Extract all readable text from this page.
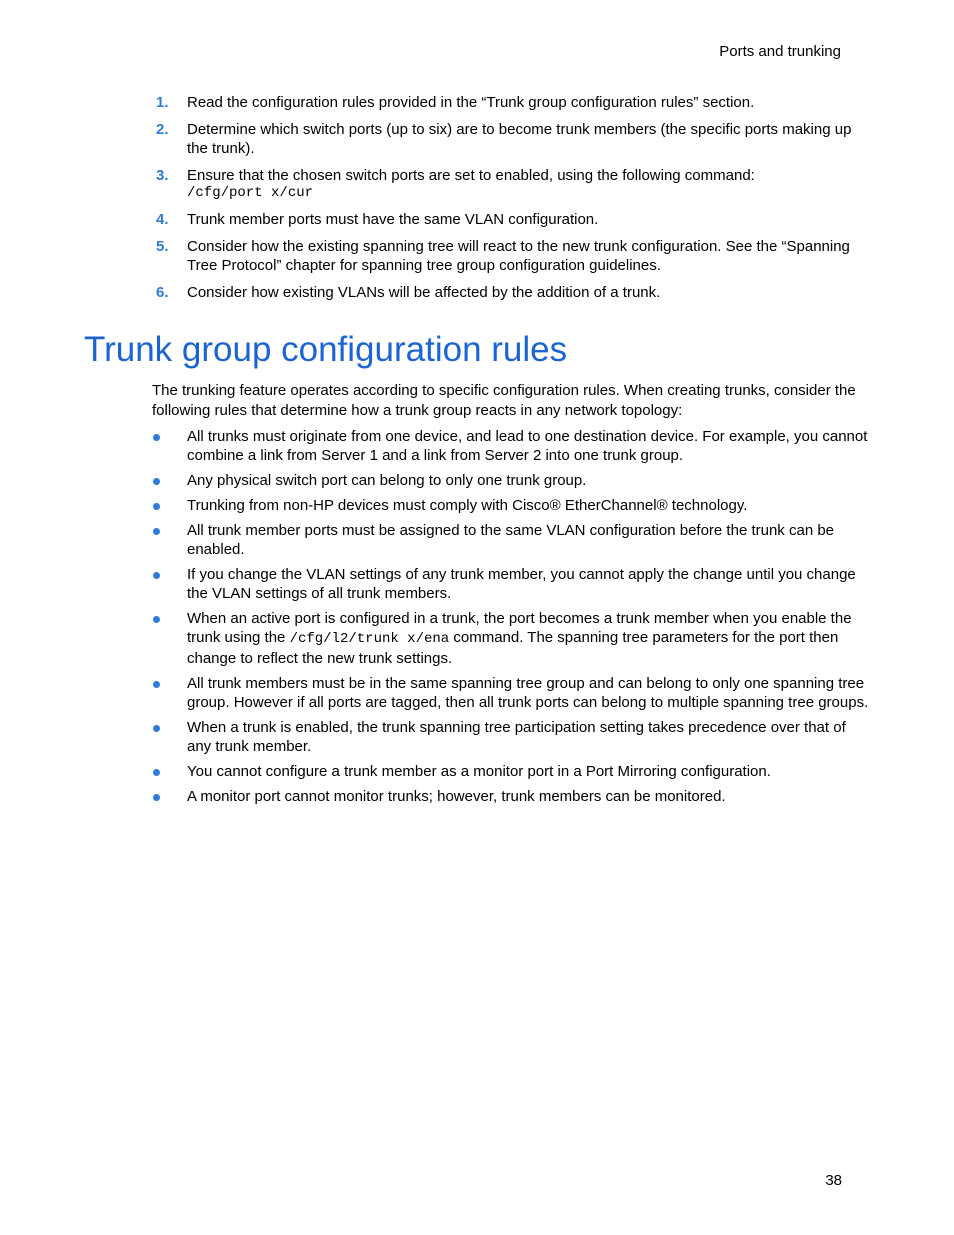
Ports and trunking
1. Read the configuration rules provided in the “Trunk group configuration rules” section.
2. Determine which switch ports (up to six) are to become trunk members (the specific ports making up the trunk).
3. Ensure that the chosen switch ports are set to enabled, using the following command:
/cfg/port x/cur
4. Trunk member ports must have the same VLAN configuration.
5. Consider how the existing spanning tree will react to the new trunk configuration. See the “Spanning Tree Protocol” chapter for spanning tree group configuration guidelines.
6. Consider how existing VLANs will be affected by the addition of a trunk.
Trunk group configuration rules

The trunking feature operates according to specific configuration rules. When creating trunks, consider the following rules that determine how a trunk group reacts in any network topology:

All trunks must originate from one device, and lead to one destination device. For example, you cannot combine a link from Server 1 and a link from Server 2 into one trunk group.
Any physical switch port can belong to only one trunk group.
Trunking from non-HP devices must comply with Cisco® EtherChannel® technology.
All trunk member ports must be assigned to the same VLAN configuration before the trunk can be enabled.
If you change the VLAN settings of any trunk member, you cannot apply the change until you change the VLAN settings of all trunk members.
When an active port is configured in a trunk, the port becomes a trunk member when you enable the trunk using the /cfg/l2/trunk x/ena command. The spanning tree parameters for the port then change to reflect the new trunk settings.
All trunk members must be in the same spanning tree group and can belong to only one spanning tree group. However if all ports are tagged, then all trunk ports can belong to multiple spanning tree groups.
When a trunk is enabled, the trunk spanning tree participation setting takes precedence over that of any trunk member.
You cannot configure a trunk member as a monitor port in a Port Mirroring configuration.
A monitor port cannot monitor trunks; however, trunk members can be monitored.
38
